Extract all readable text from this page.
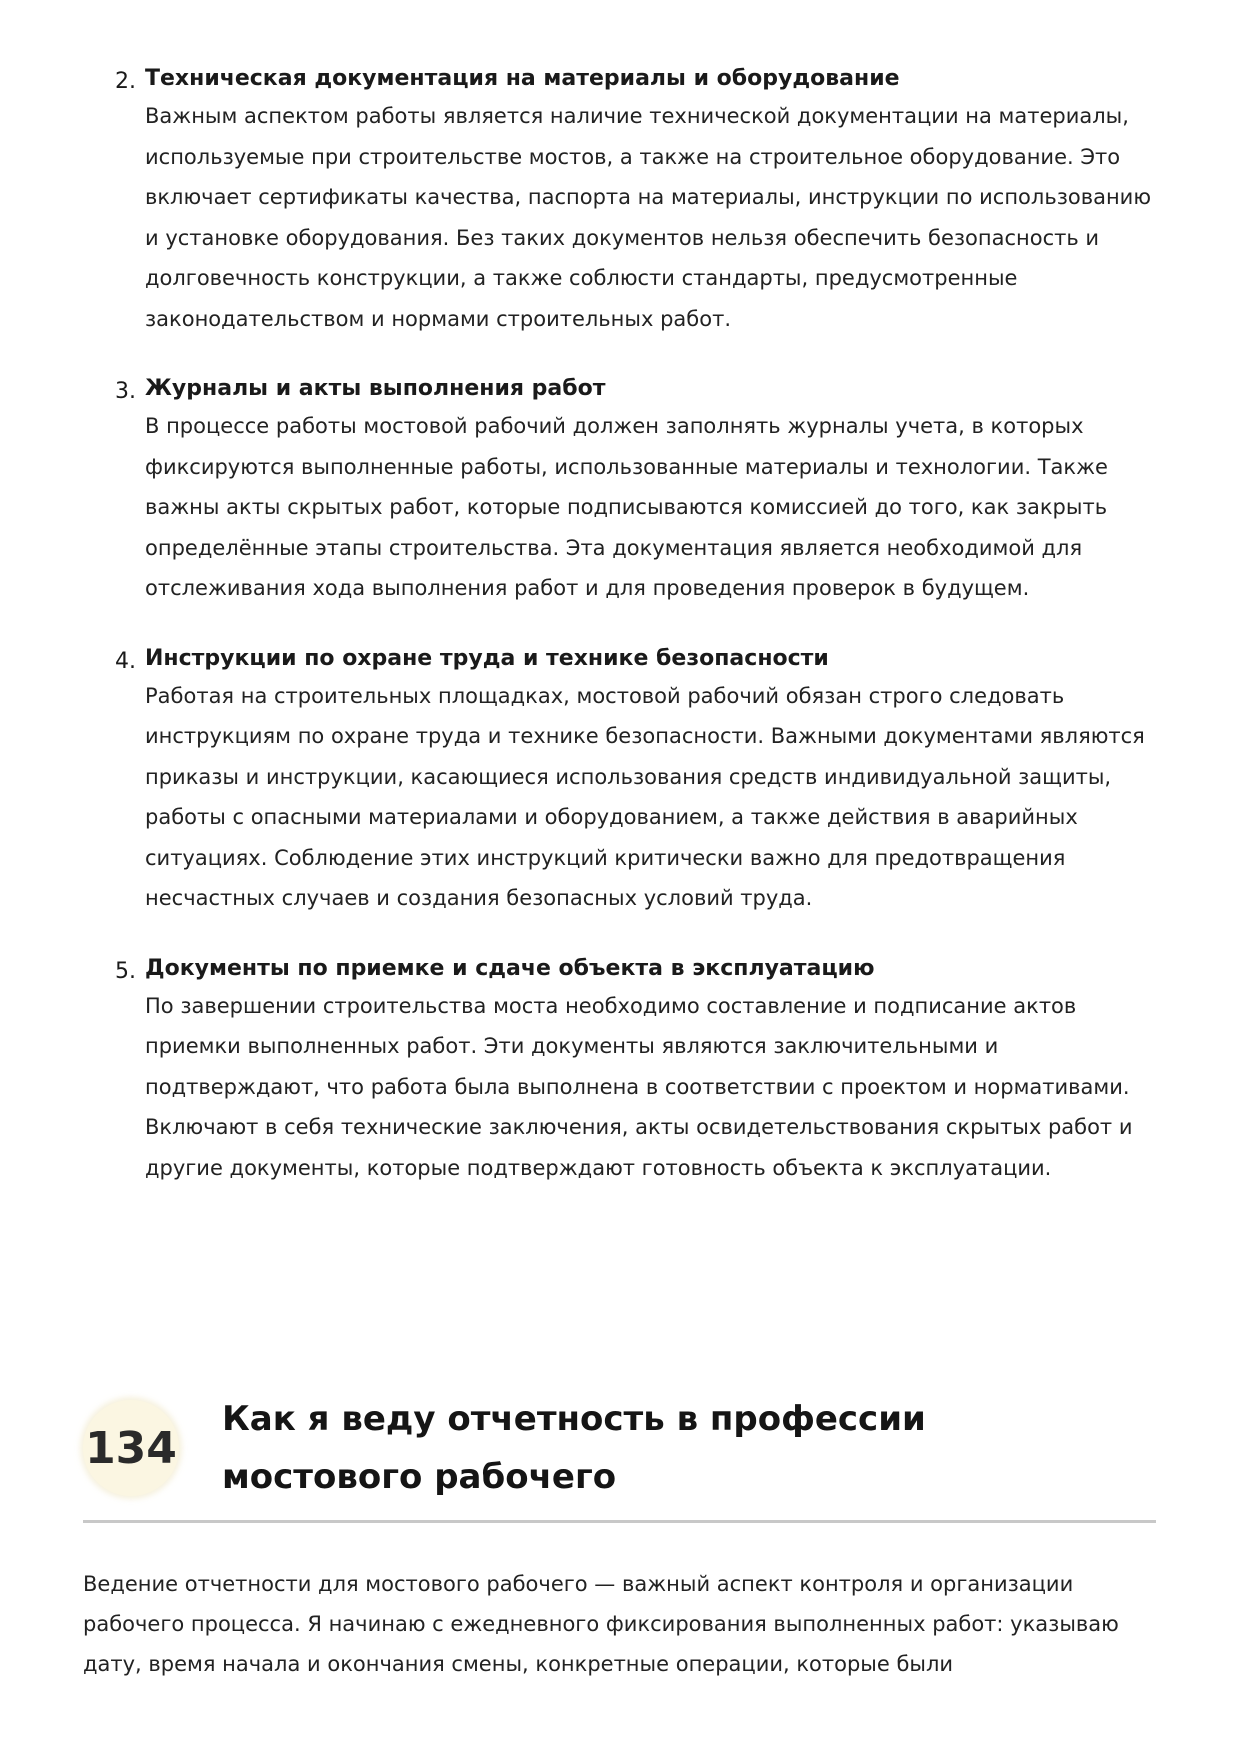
2. Техническая документация на материалы и оборудование

Важным аспектом работы является наличие технической документации на материалы, используемые при строительстве мостов, а также на строительное оборудование. Это включает сертификаты качества, паспорта на материалы, инструкции по использованию и установке оборудования. Без таких документов нельзя обеспечить безопасность и долговечность конструкции, а также соблюсти стандарты, предусмотренные законодательством и нормами строительных работ.

3. Журналы и акты выполнения работ

В процессе работы мостовой рабочий должен заполнять журналы учета, в которых фиксируются выполненные работы, использованные материалы и технологии. Также важны акты скрытых работ, которые подписываются комиссией до того, как закрыть определённые этапы строительства. Эта документация является необходимой для отслеживания хода выполнения работ и для проведения проверок в будущем.

4. Инструкции по охране труда и технике безопасности

Работая на строительных площадках, мостовой рабочий обязан строго следовать инструкциям по охране труда и технике безопасности. Важными документами являются приказы и инструкции, касающиеся использования средств индивидуальной защиты, работы с опасными материалами и оборудованием, а также действия в аварийных ситуациях. Соблюдение этих инструкций критически важно для предотвращения несчастных случаев и создания безопасных условий труда.

5. Документы по приемке и сдаче объекта в эксплуатацию

По завершении строительства моста необходимо составление и подписание актов приемки выполненных работ. Эти документы являются заключительными и подтверждают, что работа была выполнена в соответствии с проектом и нормативами. Включают в себя технические заключения, акты освидетельствования скрытых работ и другие документы, которые подтверждают готовность объекта к эксплуатации.

134
Как я веду отчетность в профессии мостового рабочего

Ведение отчетности для мостового рабочего — важный аспект контроля и организации рабочего процесса. Я начинаю с ежедневного фиксирования выполненных работ: указываю дату, время начала и окончания смены, конкретные операции, которые были
